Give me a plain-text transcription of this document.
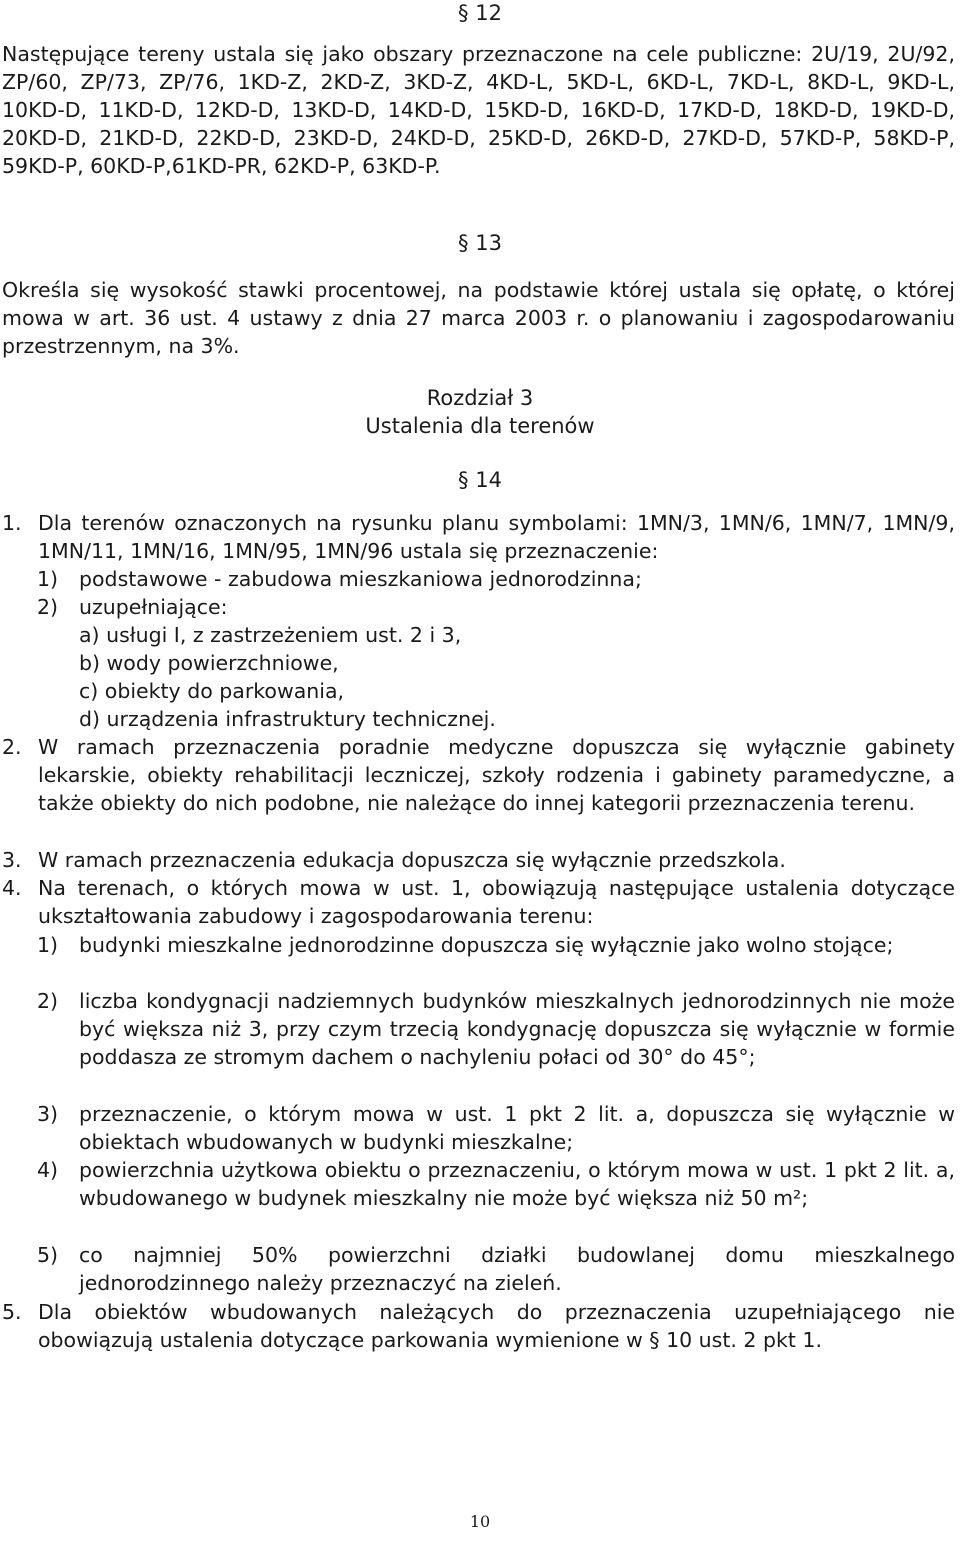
§ 12
Następujące tereny ustala się jako obszary przeznaczone na cele publiczne: 2U/19, 2U/92, ZP/60, ZP/73, ZP/76, 1KD-Z, 2KD-Z, 3KD-Z, 4KD-L, 5KD-L, 6KD-L, 7KD-L, 8KD-L, 9KD-L, 10KD-D, 11KD-D, 12KD-D, 13KD-D, 14KD-D, 15KD-D, 16KD-D, 17KD-D, 18KD-D, 19KD-D, 20KD-D, 21KD-D, 22KD-D, 23KD-D, 24KD-D, 25KD-D, 26KD-D, 27KD-D, 57KD-P, 58KD-P, 59KD-P, 60KD-P,61KD-PR, 62KD-P, 63KD-P.
§ 13
Określa się wysokość stawki procentowej, na podstawie której ustala się opłatę, o której mowa w art. 36 ust. 4 ustawy z dnia 27 marca 2003 r. o planowaniu i zagospodarowaniu przestrzennym, na 3%.
Rozdział 3
Ustalenia dla terenów
§ 14
1. Dla terenów oznaczonych na rysunku planu symbolami: 1MN/3, 1MN/6, 1MN/7, 1MN/9, 1MN/11, 1MN/16, 1MN/95, 1MN/96 ustala się przeznaczenie:
1) podstawowe - zabudowa mieszkaniowa jednorodzinna;
2) uzupełniające:
a) usługi I, z zastrzeżeniem ust. 2 i 3,
b) wody powierzchniowe,
c) obiekty do parkowania,
d) urządzenia infrastruktury technicznej.
2. W ramach przeznaczenia poradnie medyczne dopuszcza się wyłącznie gabinety lekarskie, obiekty rehabilitacji leczniczej, szkoły rodzenia i gabinety paramedyczne, a także obiekty do nich podobne, nie należące do innej kategorii przeznaczenia terenu.
3. W ramach przeznaczenia edukacja dopuszcza się wyłącznie przedszkola.
4. Na terenach, o których mowa w ust. 1, obowiązują następujące ustalenia dotyczące ukształtowania zabudowy i zagospodarowania terenu:
1) budynki mieszkalne jednorodzinne dopuszcza się wyłącznie jako wolno stojące;
2) liczba kondygnacji nadziemnych budynków mieszkalnych jednorodzinnych nie może być większa niż 3, przy czym trzecią kondygnację dopuszcza się wyłącznie w formie poddasza ze stromym dachem o nachyleniu połaci od 30° do 45°;
3) przeznaczenie, o którym mowa w ust. 1 pkt 2 lit. a, dopuszcza się wyłącznie w obiektach wbudowanych w budynki mieszkalne;
4) powierzchnia użytkowa obiektu o przeznaczeniu, o którym mowa w ust. 1 pkt 2 lit. a, wbudowanego w budynek mieszkalny nie może być większa niż 50 m²;
5) co najmniej 50% powierzchni działki budowlanej domu mieszkalnego jednorodzinnego należy przeznaczyć na zieleń.
5. Dla obiektów wbudowanych należących do przeznaczenia uzupełniającego nie obowiązują ustalenia dotyczące parkowania wymienione w § 10 ust. 2 pkt 1.
10
